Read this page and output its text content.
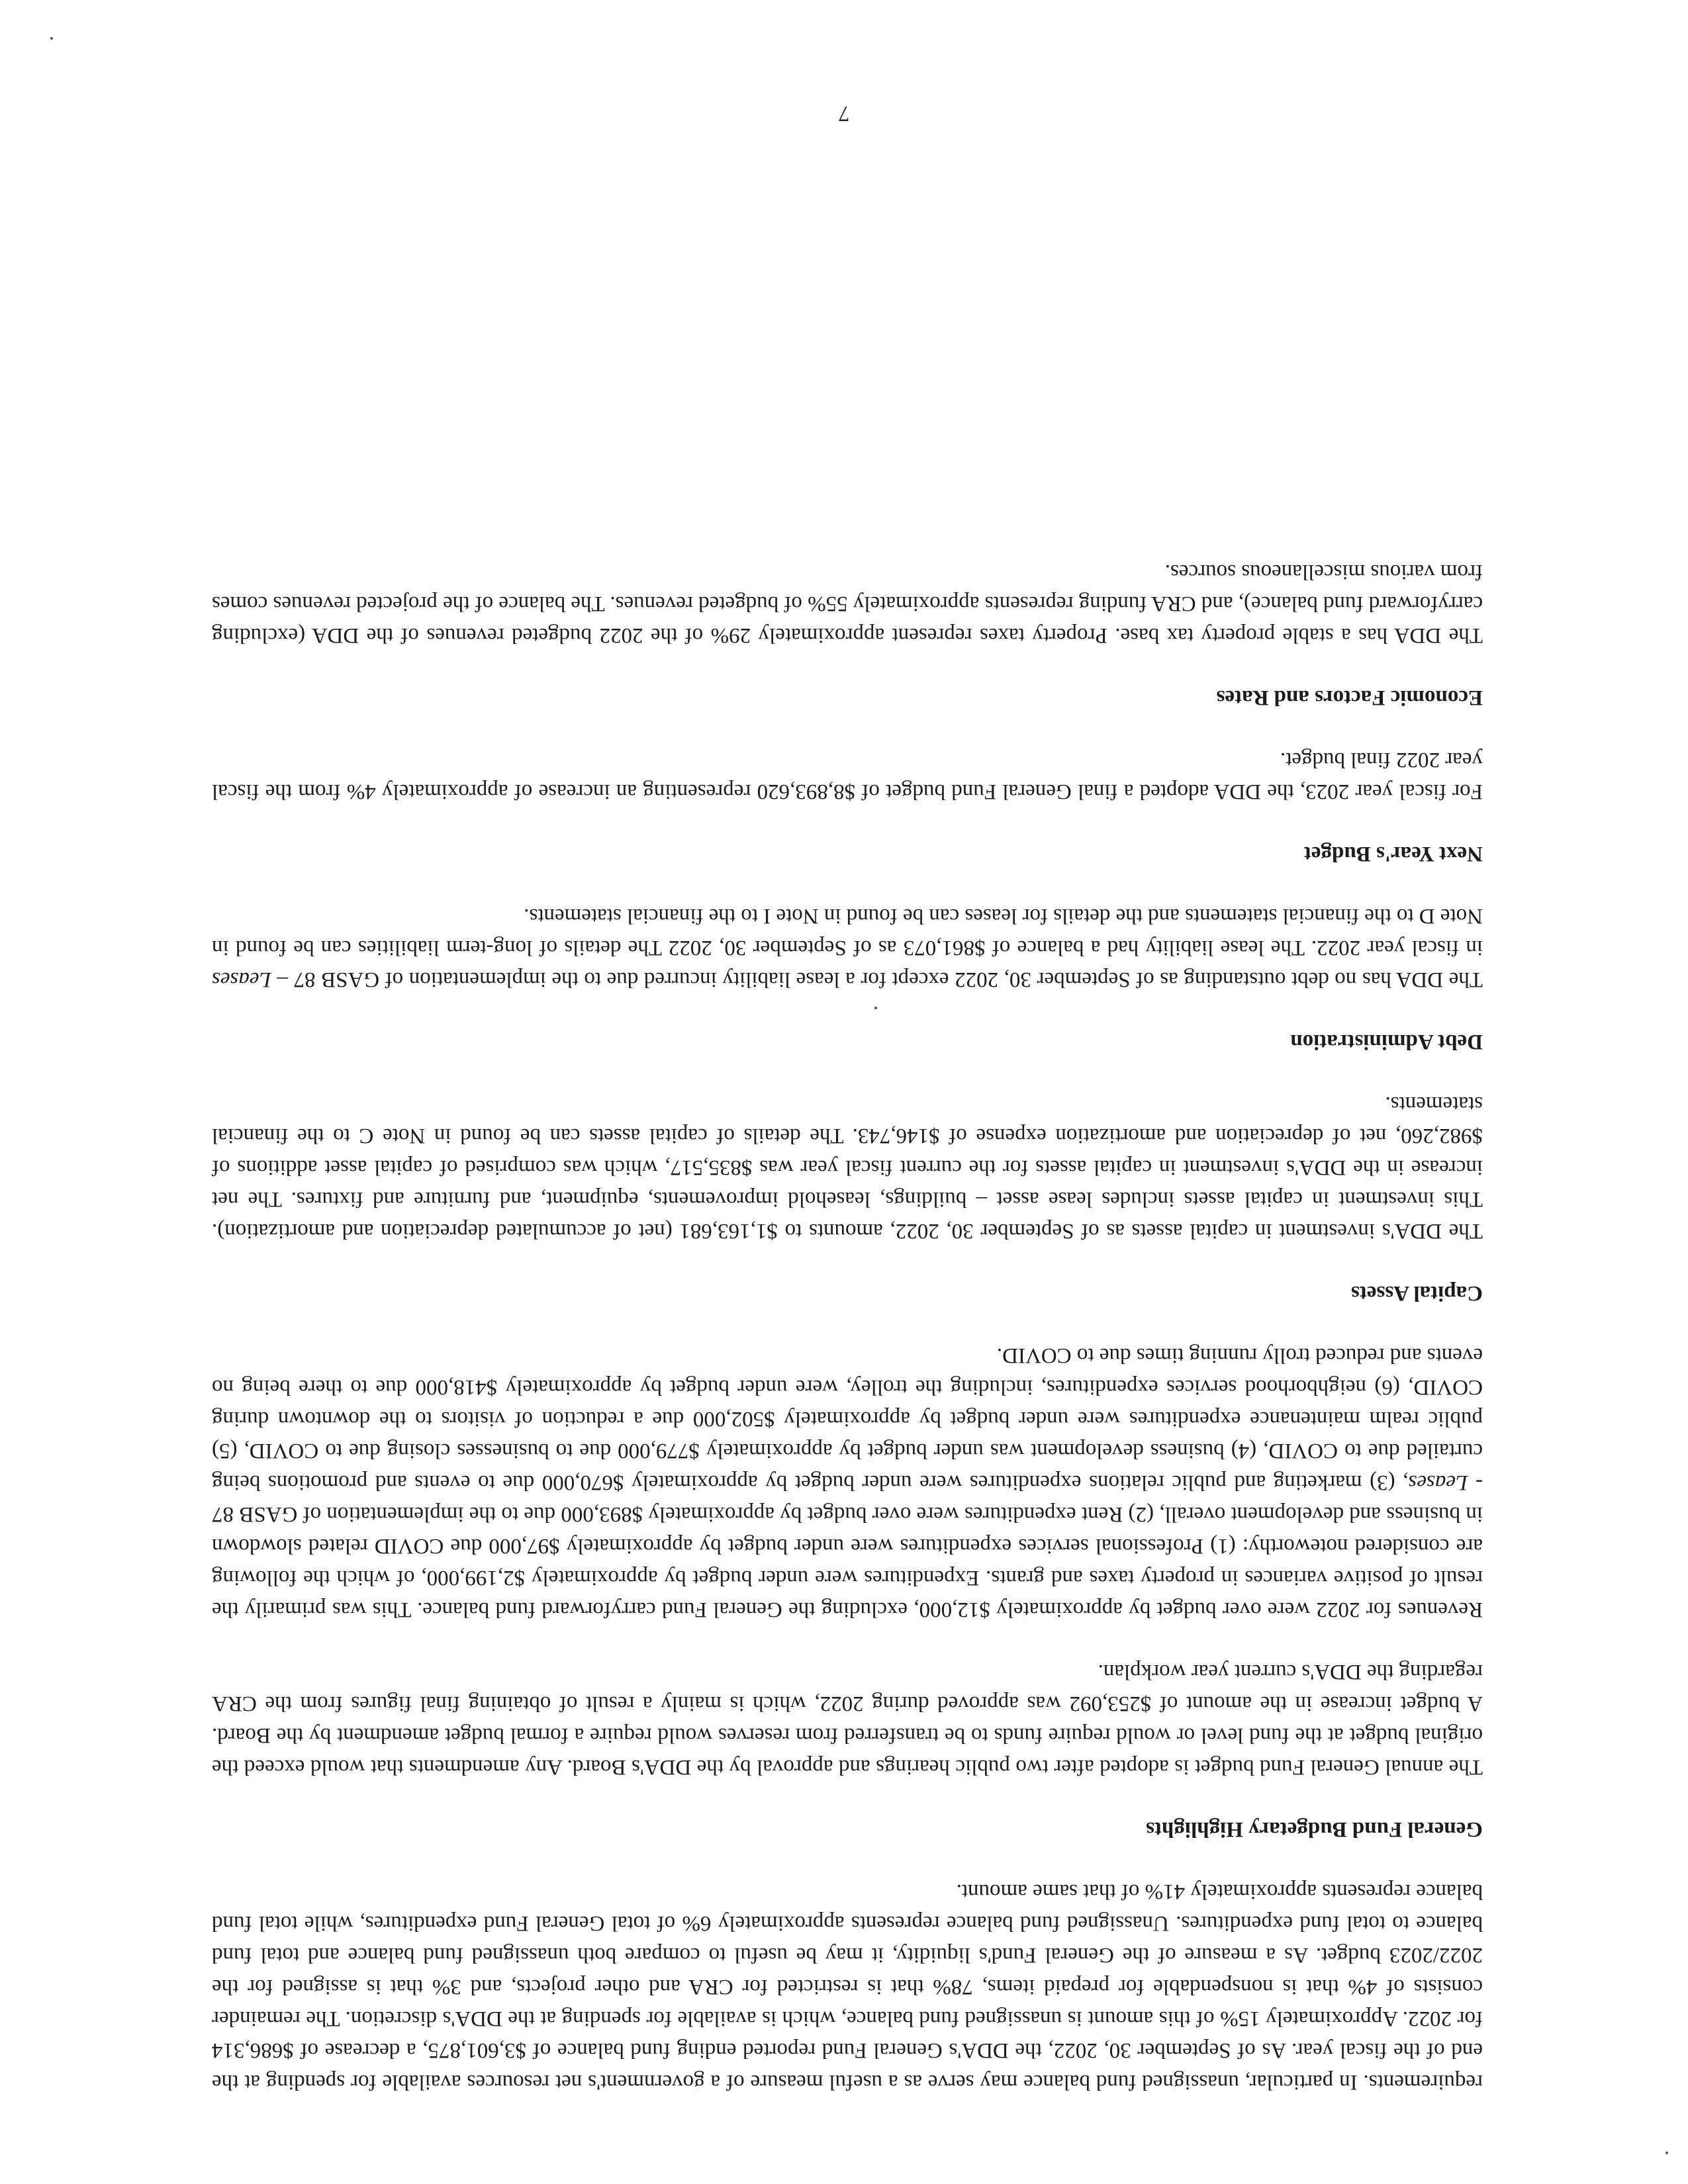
requirements. In particular, unassigned fund balance may serve as a useful measure of a government's net resources available for spending at the end of the fiscal year. As of September 30, 2022, the DDA's General Fund reported ending fund balance of $3,601,875, a decrease of $686,314 for 2022. Approximately 15% of this amount is unassigned fund balance, which is available for spending at the DDA's discretion. The remainder consists of 4% that is nonspendable for prepaid items, 78% that is restricted for CRA and other projects, and 3% that is assigned for the 2022/2023 budget. As a measure of the General Fund's liquidity, it may be useful to compare both unassigned fund balance and total fund balance to total fund expenditures. Unassigned fund balance represents approximately 6% of total General Fund expenditures, while total fund balance represents approximately 41% of that same amount.

General Fund Budgetary Highlights

The annual General Fund budget is adopted after two public hearings and approval by the DDA's Board. Any amendments that would exceed the original budget at the fund level or would require funds to be transferred from reserves would require a formal budget amendment by the Board. A budget increase in the amount of $253,092 was approved during 2022, which is mainly a result of obtaining final figures from the CRA regarding the DDA's current year workplan.

Revenues for 2022 were over budget by approximately $12,000, excluding the General Fund carryforward fund balance. This was primarily the result of positive variances in property taxes and grants. Expenditures were under budget by approximately $2,199,000, of which the following are considered noteworthy: (1) Professional services expenditures were under budget by approximately $97,000 due COVID related slowdown in business and development overall, (2) Rent expenditures were over budget by approximately $893,000 due to the implementation of GASB 87 - Leases, (3) marketing and public relations expenditures were under budget by approximately $670,000 due to events and promotions being curtailed due to COVID, (4) business development was under budget by approximately $779,000 due to businesses closing due to COVID, (5) public realm maintenance expenditures were under budget by approximately $502,000 due a reduction of visitors to the downtown during COVID, (6) neighborhood services expenditures, including the trolley, were under budget by approximately $418,000 due to there being no events and reduced trolly running times due to COVID.

Capital Assets

The DDA's investment in capital assets as of September 30, 2022, amounts to $1,163,681 (net of accumulated depreciation and amortization). This investment in capital assets includes lease asset – buildings, leasehold improvements, equipment, and furniture and fixtures. The net increase in the DDA's investment in capital assets for the current fiscal year was $835,517, which was comprised of capital asset additions of $982,260, net of depreciation and amortization expense of $146,743. The details of capital assets can be found in Note C to the financial statements.

Debt Administration

The DDA has no debt outstanding as of September 30, 2022 except for a lease liability incurred due to the implementation of GASB 87 – Leases in fiscal year 2022. The lease liability had a balance of $861,073 as of September 30, 2022 The details of long-term liabilities can be found in Note D to the financial statements and the details for leases can be found in Note I to the financial statements.

Next Year's Budget

For fiscal year 2023, the DDA adopted a final General Fund budget of $8,893,620 representing an increase of approximately 4% from the fiscal year 2022 final budget.

Economic Factors and Rates

The DDA has a stable property tax base. Property taxes represent approximately 29% of the 2022 budgeted revenues of the DDA (excluding carryforward fund balance), and CRA funding represents approximately 55% of budgeted revenues. The balance of the projected revenues comes from various miscellaneous sources.

7
